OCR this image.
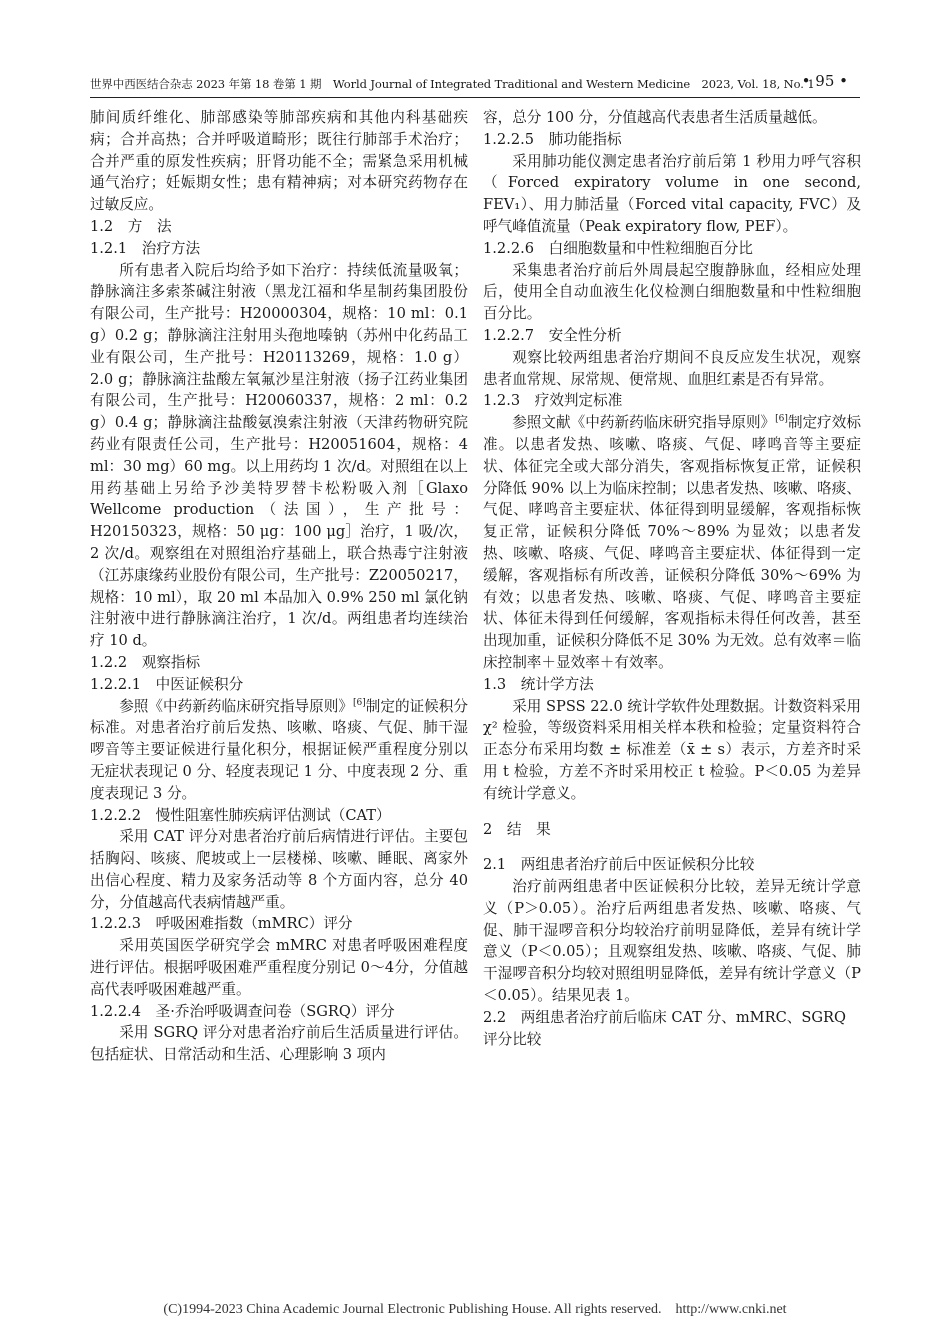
世界中西医结合杂志 2023 年第 18 卷第 1 期　World Journal of Integrated Traditional and Western Medicine　2023, Vol. 18, No. 1
• 95 •
肺间质纤维化、肺部感染等肺部疾病和其他内科基础疾病；合并高热；合并呼吸道畸形；既往行肺部手术治疗；合并严重的原发性疾病；肝肾功能不全；需紧急采用机械通气治疗；妊娠期女性；患有精神病；对本研究药物存在过敏反应。
1.2　方　法
1.2.1　治疗方法
所有患者入院后均给予如下治疗：持续低流量吸氧；静脉滴注多索茶碱注射液（黑龙江福和华星制药集团股份有限公司，生产批号：H20000304，规格：10 ml：0.1 g）0.2 g；静脉滴注注射用头孢地嗪钠（苏州中化药品工业有限公司，生产批号：H20113269，规格：1.0 g）2.0 g；静脉滴注盐酸左氧氟沙星注射液（扬子江药业集团有限公司，生产批号：H20060337，规格：2 ml：0.2 g）0.4 g；静脉滴注盐酸氨溴索注射液（天津药物研究院药业有限责任公司，生产批号：H20051604，规格：4 ml：30 mg）60 mg。以上用药均 1 次/d。对照组在以上用药基础上另给予沙美特罗替卡松粉吸入剂［Glaxo Wellcome production（法国），生产批号：H20150323，规格：50 μg：100 μg］治疗，1 吸/次，2 次/d。观察组在对照组治疗基础上，联合热毒宁注射液（江苏康缘药业股份有限公司，生产批号：Z20050217，规格：10 ml），取 20 ml 本品加入 0.9% 250 ml 氯化钠注射液中进行静脉滴注治疗，1 次/d。两组患者均连续治疗 10 d。
1.2.2　观察指标
1.2.2.1　中医证候积分
参照《中药新药临床研究指导原则》[6]制定的证候积分标准。对患者治疗前后发热、咳嗽、咯痰、气促、肺干湿啰音等主要证候进行量化积分，根据证候严重程度分别以无症状表现记 0 分、轻度表现记 1 分、中度表现 2 分、重度表现记 3 分。
1.2.2.2　慢性阻塞性肺疾病评估测试（CAT）
采用 CAT 评分对患者治疗前后病情进行评估。主要包括胸闷、咳痰、爬坡或上一层楼梯、咳嗽、睡眠、离家外出信心程度、精力及家务活动等 8 个方面内容，总分 40 分，分值越高代表病情越严重。
1.2.2.3　呼吸困难指数（mMRC）评分
采用英国医学研究学会 mMRC 对患者呼吸困难程度进行评估。根据呼吸困难严重程度分别记 0～4分，分值越高代表呼吸困难越严重。
1.2.2.4　圣·乔治呼吸调查问卷（SGRQ）评分
采用 SGRQ 评分对患者治疗前后生活质量进行评估。包括症状、日常活动和生活、心理影响 3 项内
容，总分 100 分，分值越高代表患者生活质量越低。
1.2.2.5　肺功能指标
采用肺功能仪测定患者治疗前后第 1 秒用力呼气容积（Forced expiratory volume in one second, FEV₁）、用力肺活量（Forced vital capacity, FVC）及呼气峰值流量（Peak expiratory flow, PEF）。
1.2.2.6　白细胞数量和中性粒细胞百分比
采集患者治疗前后外周晨起空腹静脉血，经相应处理后，使用全自动血液生化仪检测白细胞数量和中性粒细胞百分比。
1.2.2.7　安全性分析
观察比较两组患者治疗期间不良反应发生状况，观察患者血常规、尿常规、便常规、血胆红素是否有异常。
1.2.3　疗效判定标准
参照文献《中药新药临床研究指导原则》[6]制定疗效标准。以患者发热、咳嗽、咯痰、气促、哮鸣音等主要症状、体征完全或大部分消失，客观指标恢复正常，证候积分降低 90% 以上为临床控制；以患者发热、咳嗽、咯痰、气促、哮鸣音主要症状、体征得到明显缓解，客观指标恢复正常，证候积分降低 70%～89% 为显效；以患者发热、咳嗽、咯痰、气促、哮鸣音主要症状、体征得到一定缓解，客观指标有所改善，证候积分降低 30%～69% 为有效；以患者发热、咳嗽、咯痰、气促、哮鸣音主要症状、体征未得到任何缓解，客观指标未得任何改善，甚至出现加重，证候积分降低不足 30% 为无效。总有效率＝临床控制率＋显效率＋有效率。
1.3　统计学方法
采用 SPSS 22.0 统计学软件处理数据。计数资料采用 χ² 检验，等级资料采用相关样本秩和检验；定量资料符合正态分布采用均数 ± 标准差（x̄ ± s）表示，方差齐时采用 t 检验，方差不齐时采用校正 t 检验。P＜0.05 为差异有统计学意义。
2　结　果
2.1　两组患者治疗前后中医证候积分比较
治疗前两组患者中医证候积分比较，差异无统计学意义（P＞0.05）。治疗后两组患者发热、咳嗽、咯痰、气促、肺干湿啰音积分均较治疗前明显降低，差异有统计学意义（P＜0.05）；且观察组发热、咳嗽、咯痰、气促、肺干湿啰音积分均较对照组明显降低，差异有统计学意义（P＜0.05）。结果见表 1。
2.2　两组患者治疗前后临床 CAT 分、mMRC、SGRQ 评分比较
(C)1994-2023 China Academic Journal Electronic Publishing House. All rights reserved.　http://www.cnki.net
